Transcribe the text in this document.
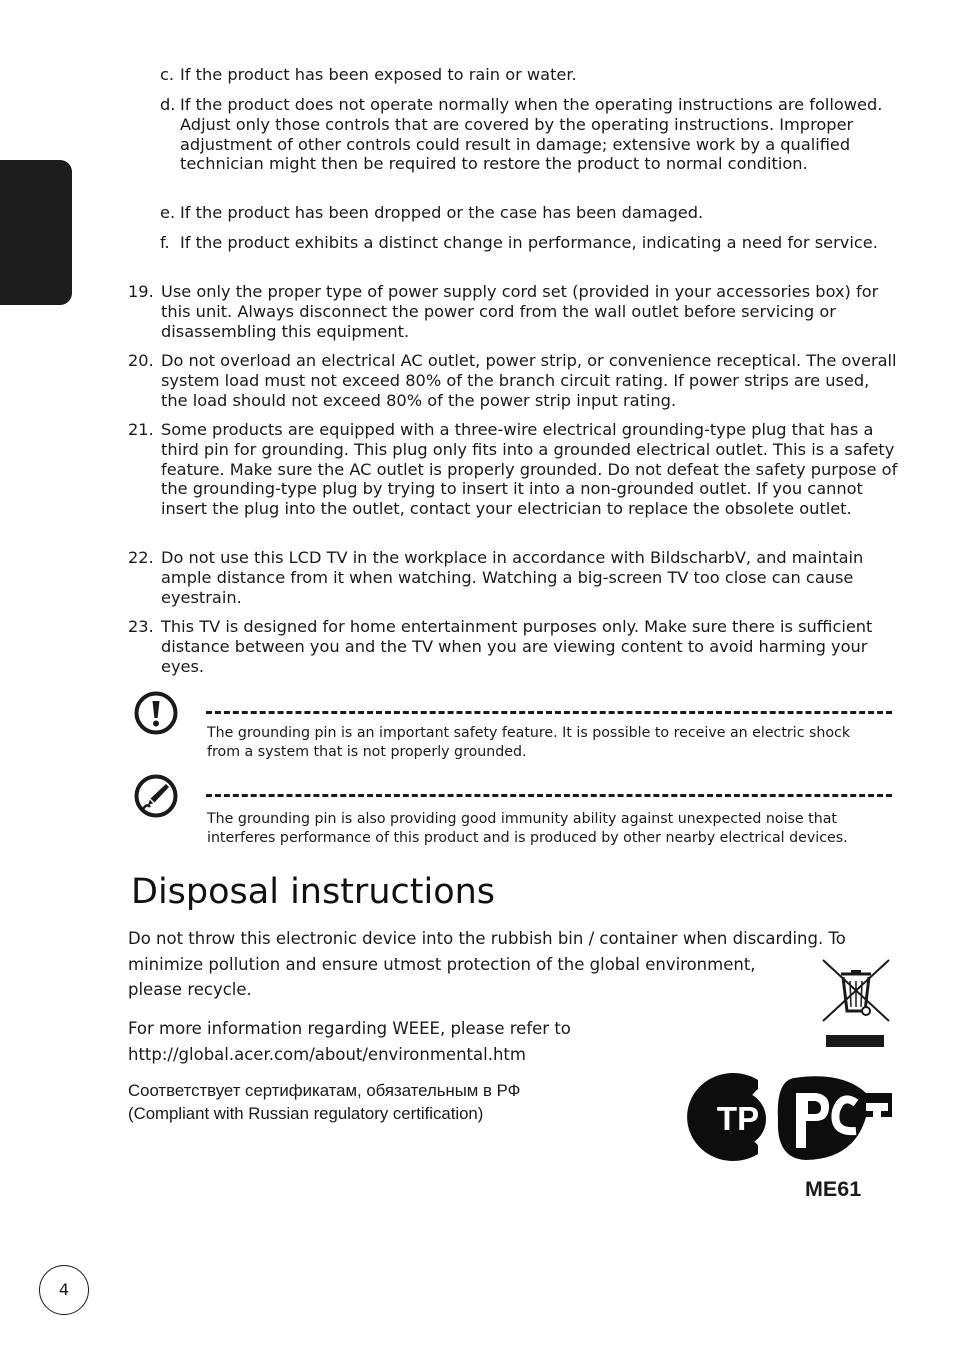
English
c. If the product has been exposed to rain or water.
d. If the product does not operate normally when the operating instructions are followed. Adjust only those controls that are covered by the operating instructions. Improper adjustment of other controls could result in damage; extensive work by a qualified technician might then be required to restore the product to normal condition.
e. If the product has been dropped or the case has been damaged.
f. If the product exhibits a distinct change in performance, indicating a need for service.
19. Use only the proper type of power supply cord set (provided in your accessories box) for this unit. Always disconnect the power cord from the wall outlet before servicing or disassembling this equipment.
20. Do not overload an electrical AC outlet, power strip, or convenience receptical. The overall system load must not exceed 80% of the branch circuit rating. If power strips are used, the load should not exceed 80% of the power strip input rating.
21. Some products are equipped with a three-wire electrical grounding-type plug that has a third pin for grounding. This plug only fits into a grounded electrical outlet. This is a safety feature. Make sure the AC outlet is properly grounded. Do not defeat the safety purpose of the grounding-type plug by trying to insert it into a non-grounded outlet. If you cannot insert the plug into the outlet, contact your electrician to replace the obsolete outlet.
22. Do not use this LCD TV in the workplace in accordance with BildscharbV, and maintain ample distance from it when watching. Watching a big-screen TV too close can cause eyestrain.
23. This TV is designed for home entertainment purposes only. Make sure there is sufficient distance between you and the TV when you are viewing content to avoid harming your eyes.
The grounding pin is an important safety feature. It is possible to receive an electric shock from a system that is not properly grounded.
The grounding pin is also providing good immunity ability against unexpected noise that interferes performance of this product and is produced by other nearby electrical devices.
Disposal instructions
Do not throw this electronic device into the rubbish bin / container when discarding. To
minimize pollution and ensure utmost protection of the global environment,
please recycle.
For more information regarding WEEE, please refer to
http://global.acer.com/about/environmental.htm
Соответствует сертификатам, обязательным в РФ
(Compliant with Russian regulatory certification)	ТР
ME61
4
